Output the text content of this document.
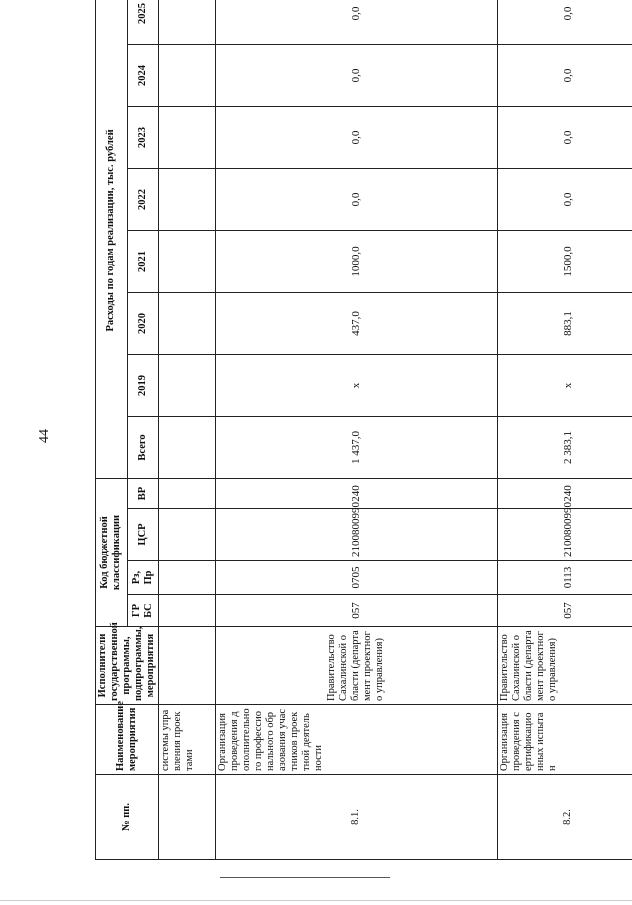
44
№ пп.	Наименование мероприятия	Исполнители государственной программы, подпрограммы, мероприятия	Код бюджетной классификации				Расходы по годам реализации, тыс. рублей							
			ГР БС	Рз, Пр	ЦСР	ВР	Всего	2019	2020	2021	2022	2023	2024	2025
	системы управления проектами													
8.1.	Организация проведения дополнительного профессионального образования участников проектной деятельности	Правительство Сахалинской области (департамент проектного управления)	057	0705	2100800990	240	1 437,0	x	437,0	1000,0	0,0	0,0	0,0	0,0
8.2.	Организация проведения сертификационных испытан	Правительство Сахалинской области (департамент проектного управления)	057	0113	2100800990	240	2 383,1	x	883,1	1500,0	0,0	0,0	0,0	0,0
